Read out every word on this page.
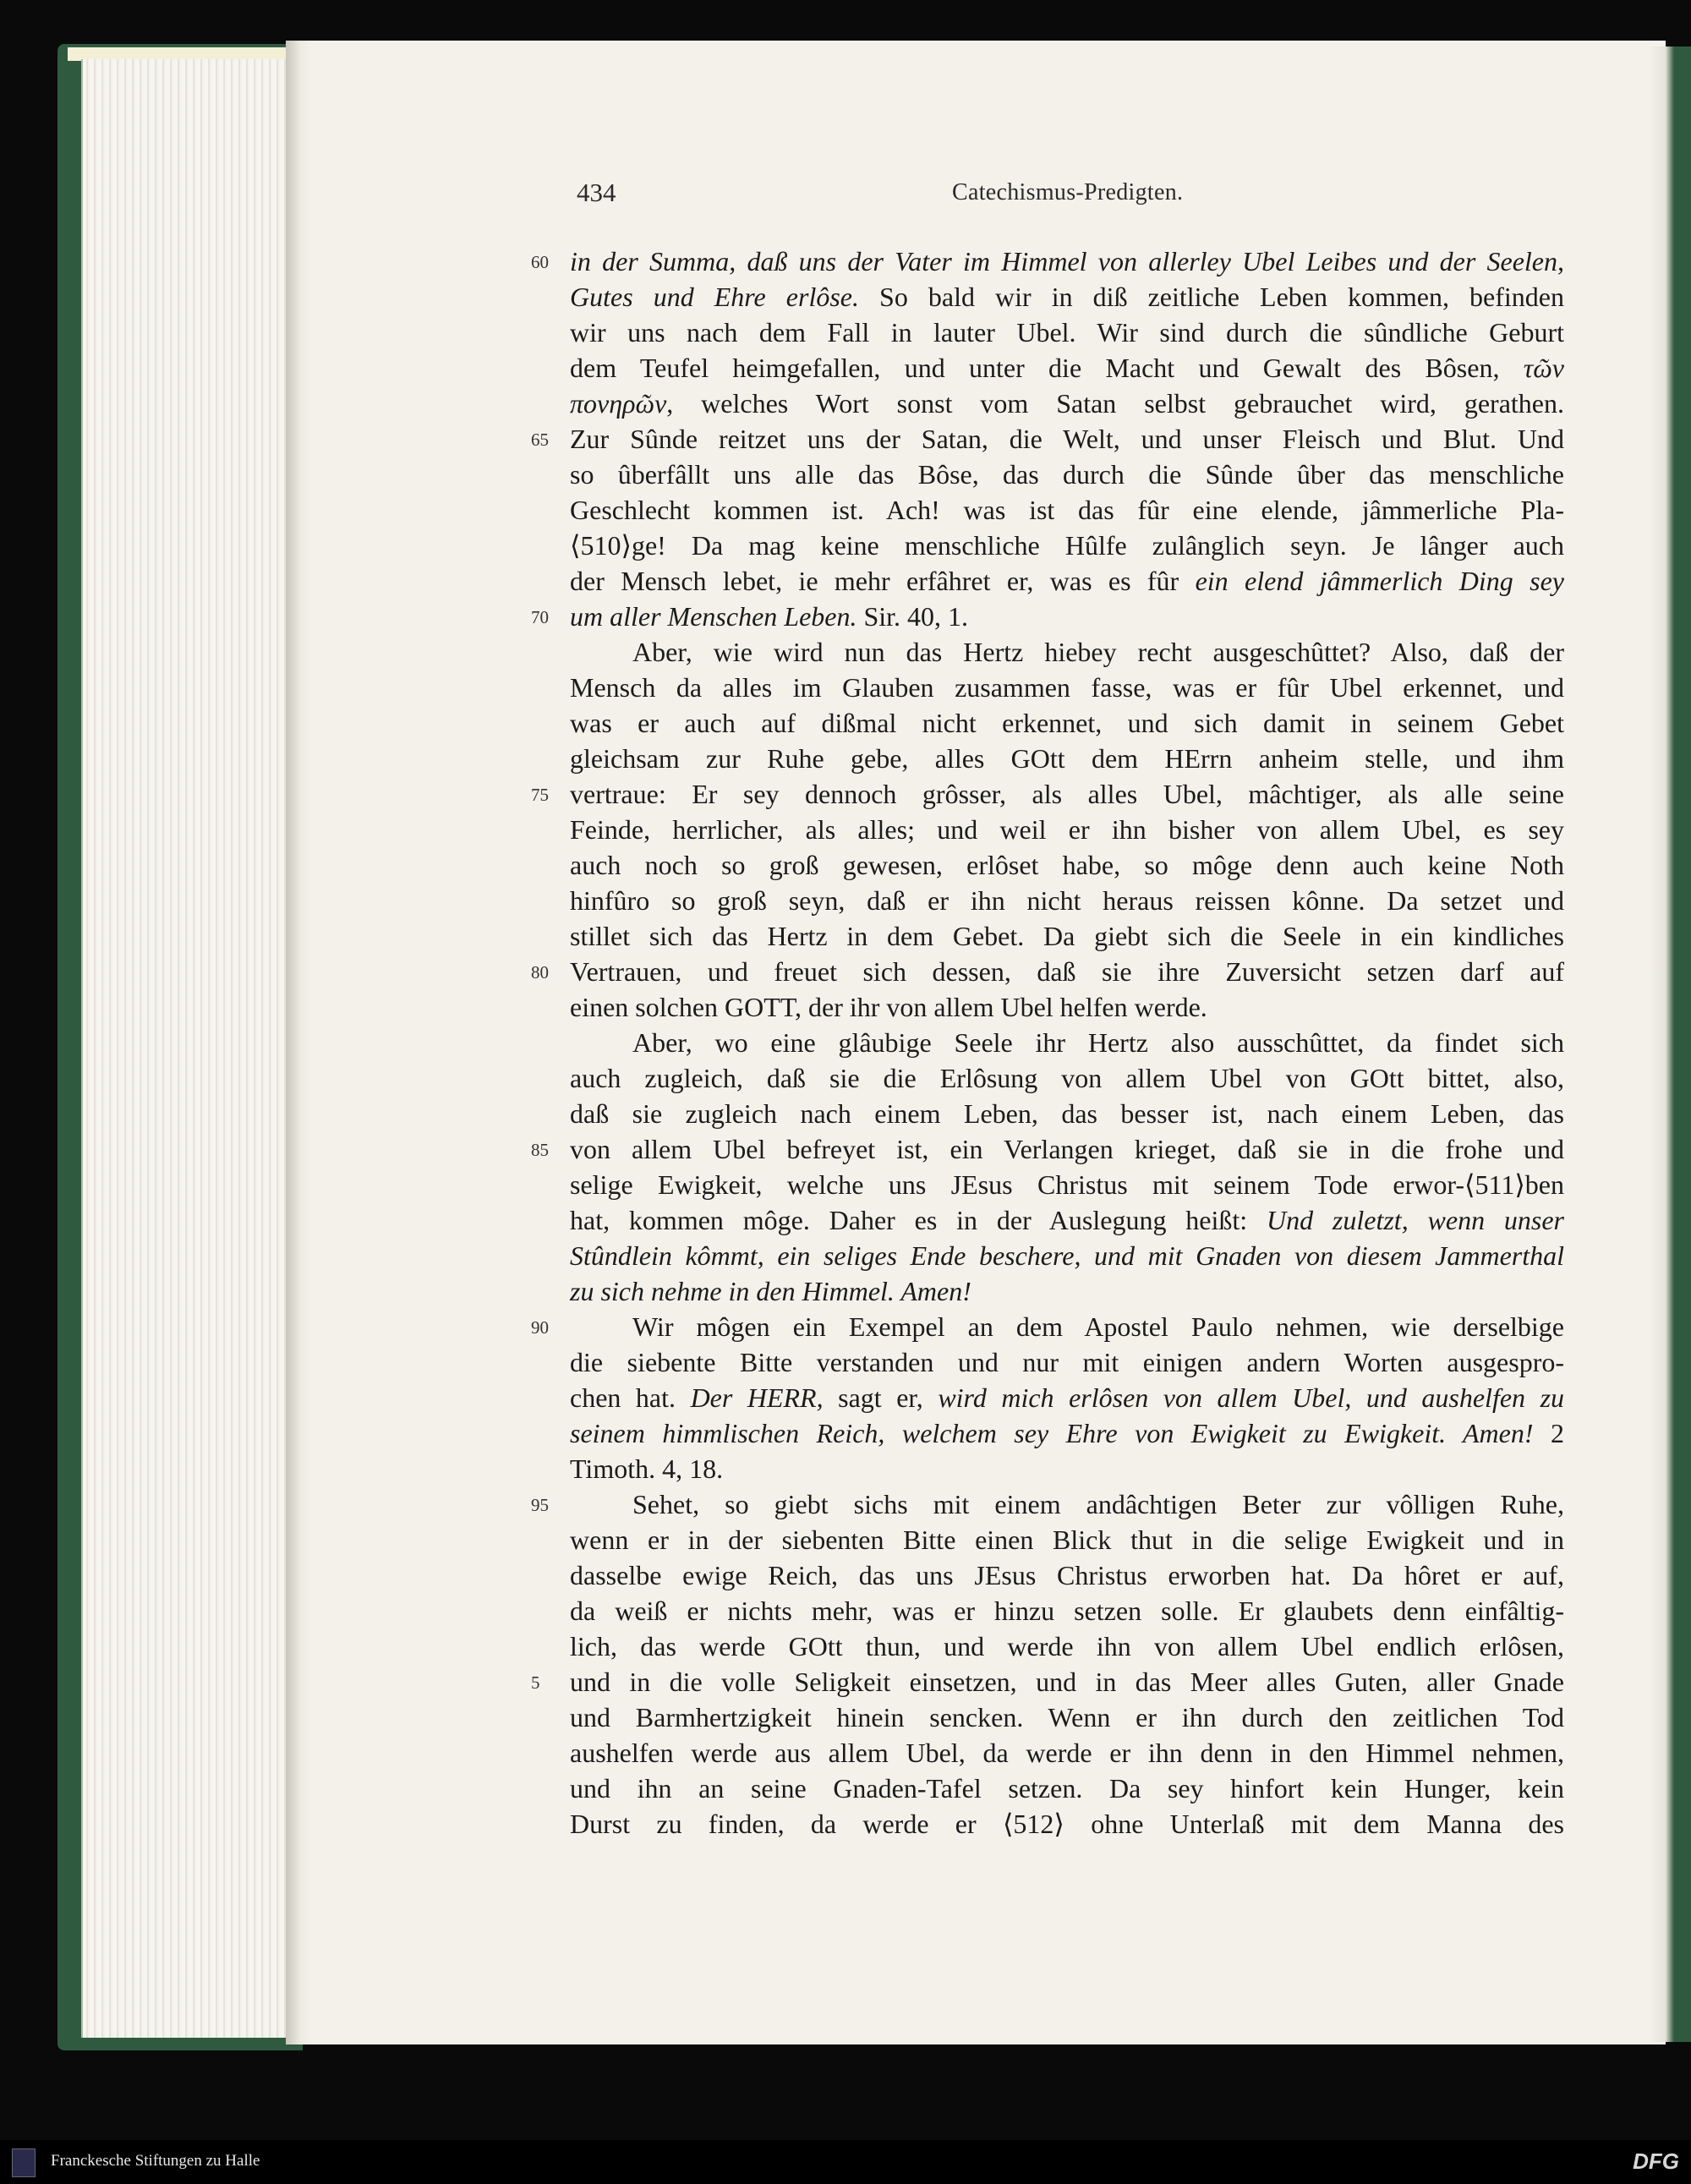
434	Catechismus-Predigten.
60
65
70
75
80
85
90
95
5
in der Summa, daß uns der Vater im Himmel von allerley Ubel Leibes und der Seelen,
Gutes und Ehre erlôse. So bald wir in diß zeitliche Leben kommen, befinden
wir uns nach dem Fall in lauter Ubel. Wir sind durch die sûndliche Geburt
dem Teufel heimgefallen, und unter die Macht und Gewalt des Bôsen, τῶν
πονηρῶν, welches Wort sonst vom Satan selbst gebrauchet wird, gerathen.
Zur Sûnde reitzet uns der Satan, die Welt, und unser Fleisch und Blut. Und
so ûberfâllt uns alle das Bôse, das durch die Sûnde ûber das menschliche
Geschlecht kommen ist. Ach! was ist das fûr eine elende, jâmmerliche Pla-
⟨510⟩ge! Da mag keine menschliche Hûlfe zulânglich seyn. Je lânger auch
der Mensch lebet, ie mehr erfâhret er, was es fûr ein elend jâmmerlich Ding sey
um aller Menschen Leben. Sir. 40, 1.
Aber, wie wird nun das Hertz hiebey recht ausgeschûttet? Also, daß der
Mensch da alles im Glauben zusammen fasse, was er fûr Ubel erkennet, und
was er auch auf dißmal nicht erkennet, und sich damit in seinem Gebet
gleichsam zur Ruhe gebe, alles GOtt dem HErrn anheim stelle, und ihm
vertraue: Er sey dennoch grôsser, als alles Ubel, mâchtiger, als alle seine
Feinde, herrlicher, als alles; und weil er ihn bisher von allem Ubel, es sey
auch noch so groß gewesen, erlôset habe, so môge denn auch keine Noth
hinfûro so groß seyn, daß er ihn nicht heraus reissen kônne. Da setzet und
stillet sich das Hertz in dem Gebet. Da giebt sich die Seele in ein kindliches
Vertrauen, und freuet sich dessen, daß sie ihre Zuversicht setzen darf auf
einen solchen GOTT, der ihr von allem Ubel helfen werde.
Aber, wo eine glâubige Seele ihr Hertz also ausschûttet, da findet sich
auch zugleich, daß sie die Erlôsung von allem Ubel von GOtt bittet, also,
daß sie zugleich nach einem Leben, das besser ist, nach einem Leben, das
von allem Ubel befreyet ist, ein Verlangen krieget, daß sie in die frohe und
selige Ewigkeit, welche uns JEsus Christus mit seinem Tode erwor-⟨511⟩ben
hat, kommen môge. Daher es in der Auslegung heißt: Und zuletzt, wenn unser
Stûndlein kômmt, ein seliges Ende beschere, und mit Gnaden von diesem Jammerthal
zu sich nehme in den Himmel. Amen!
Wir môgen ein Exempel an dem Apostel Paulo nehmen, wie derselbige
die siebente Bitte verstanden und nur mit einigen andern Worten ausgespro-
chen hat. Der HERR, sagt er, wird mich erlôsen von allem Ubel, und aushelfen zu
seinem himmlischen Reich, welchem sey Ehre von Ewigkeit zu Ewigkeit. Amen! 2
Timoth. 4, 18.
Sehet, so giebt sichs mit einem andâchtigen Beter zur vôlligen Ruhe,
wenn er in der siebenten Bitte einen Blick thut in die selige Ewigkeit und in
dasselbe ewige Reich, das uns JEsus Christus erworben hat. Da hôret er auf,
da weiß er nichts mehr, was er hinzu setzen solle. Er glaubets denn einfâltig-
lich, das werde GOtt thun, und werde ihn von allem Ubel endlich erlôsen,
und in die volle Seligkeit einsetzen, und in das Meer alles Guten, aller Gnade
und Barmhertzigkeit hinein sencken. Wenn er ihn durch den zeitlichen Tod
aushelfen werde aus allem Ubel, da werde er ihn denn in den Himmel nehmen,
und ihn an seine Gnaden-Tafel setzen. Da sey hinfort kein Hunger, kein
Durst zu finden, da werde er ⟨512⟩ ohne Unterlaß mit dem Manna des
Franckesche Stiftungen zu Halle	DFG
